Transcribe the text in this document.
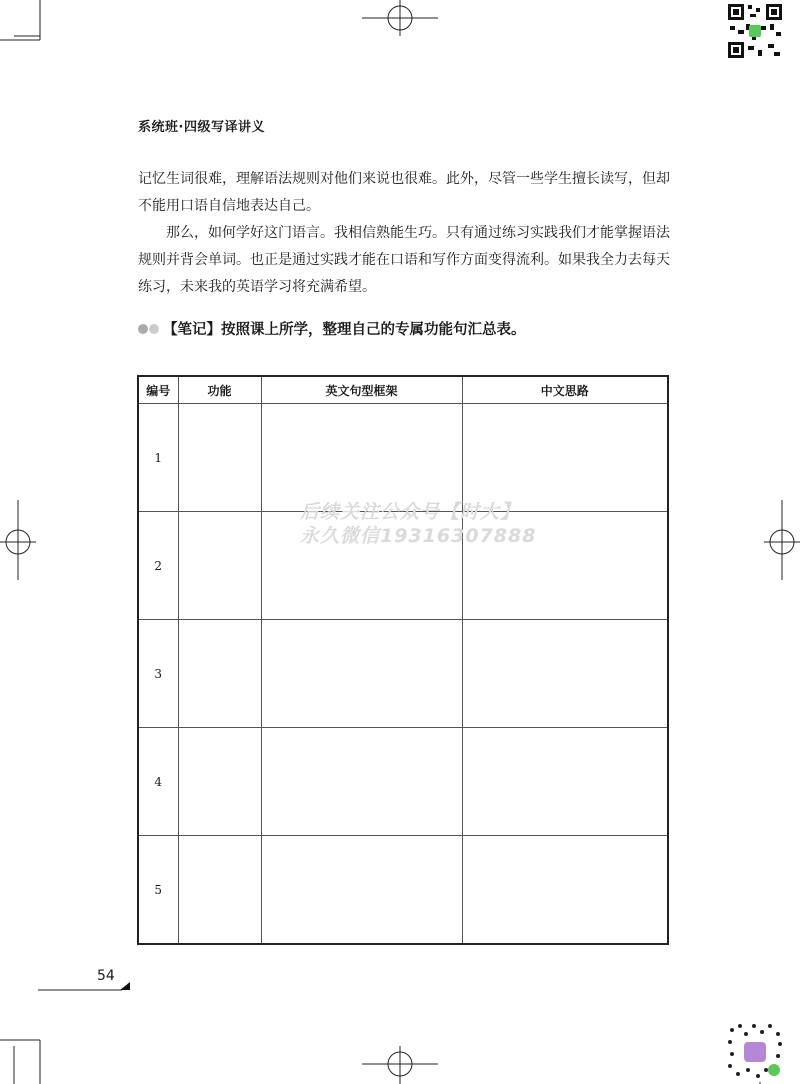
系统班·四级写译讲义
记忆生词很难，理解语法规则对他们来说也很难。此外，尽管一些学生擅长读写，但却不能用口语自信地表达自己。
那么，如何学好这门语言。我相信熟能生巧。只有通过练习实践我们才能掌握语法规则并背会单词。也正是通过实践才能在口语和写作方面变得流利。如果我全力去每天练习，未来我的英语学习将充满希望。
【笔记】按照课上所学，整理自己的专属功能句汇总表。
编号	功能	英文句型框架	中文思路
1			
2			
3			
4			
5			
后续关注公众号【时大】
永久微信19316307888
54
